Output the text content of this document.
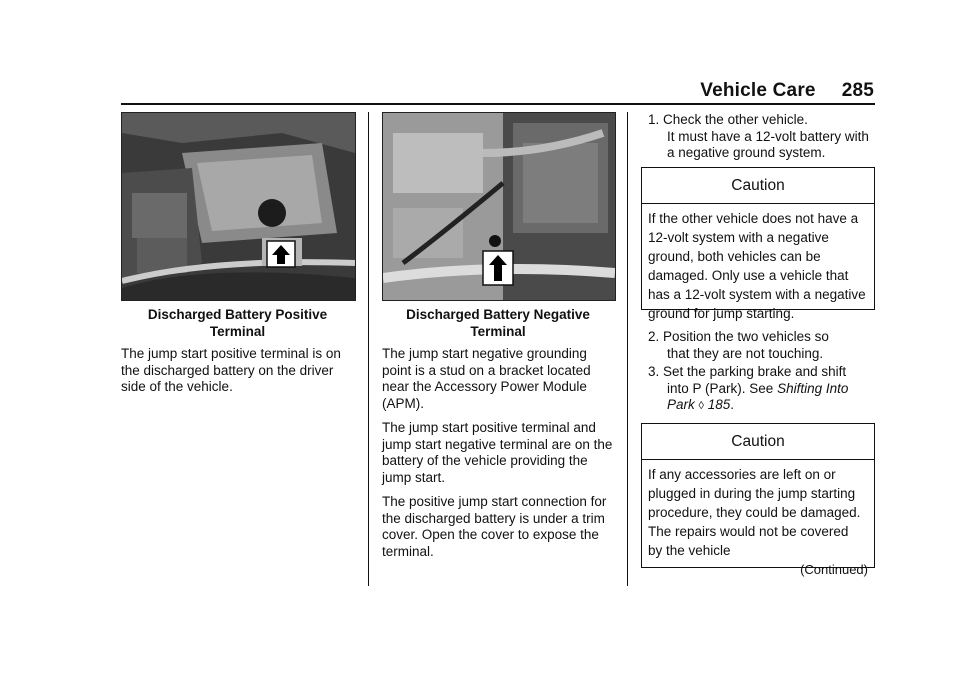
Vehicle Care 285
Discharged Battery Positive Terminal
Discharged Battery Negative Terminal

The jump start positive terminal is on the discharged battery on the driver side of the vehicle.

The jump start negative grounding point is a stud on a bracket located near the Accessory Power Module (APM).

The jump start positive terminal and jump start negative terminal are on the battery of the vehicle providing the jump start.

The positive jump start connection for the discharged battery is under a trim cover. Open the cover to expose the terminal.

1. Check the other vehicle.
It must have a 12-volt battery with a negative ground system.
Caution
If the other vehicle does not have a 12-volt system with a negative ground, both vehicles can be damaged. Only use a vehicle that has a 12-volt system with a negative ground for jump starting.
2. Position the two vehicles so
that they are not touching.
3. Set the parking brake and shift
into P (Park). See Shifting Into Park ◊ 185.
Caution
If any accessories are left on or plugged in during the jump starting procedure, they could be damaged. The repairs would not be covered by the vehicle
(Continued)
